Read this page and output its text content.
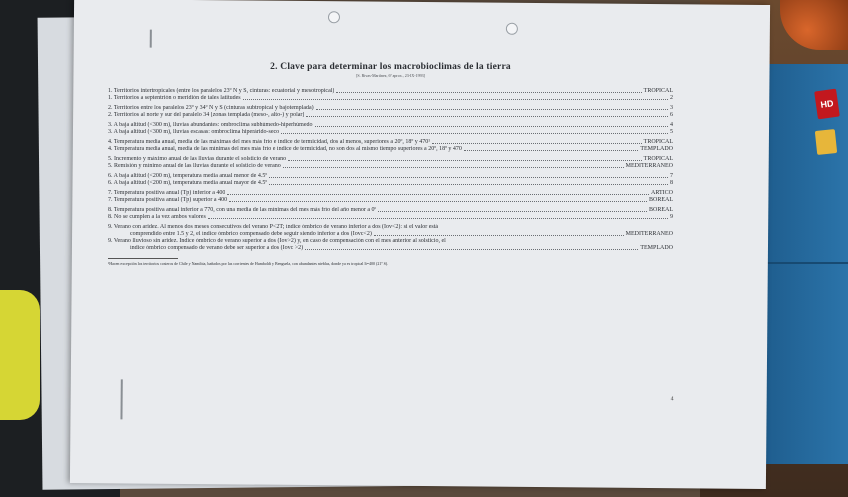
HD
4
2. Clave para determinar los macrobioclimas de la tierra
[S. Rivas-Martínez, 6ª aprox., 23-IX-1993]
1. Territorios intertropicales (entre los paralelos 23º N y S, cinturas: ecuatorial y mesotropical)	TROPICAL
1. Territorios a septentrión o meridión de tales latitudes	2
2. Territorios entre los paralelos 23º y 34º N y S (cinturas subtropical y bajotemplada)	3
2. Territorios al norte y sur del paralelo 34 [zonas templada (meso-, alto-) y polar]	6
3. A baja altitud (<300 m), lluvias abundantes: ombroclima subhúmedo-hiperhúmedo	4
3. A baja altitud (<300 m), lluvias escasas: ombroclima hiperárido-seco	5
4. Temperatura media anual, media de las máximas del mes más frío e índice de termicidad, dos al menos, superiores a 20º, 18º y 470¹	TROPICAL
4. Temperatura media anual, media de las mínimas del mes más frío e índice de termicidad, no son dos al mismo tiempo superiores a 20º, 18º y 470	TEMPLADO
5. Incremento y máximo anual de las lluvias durante el solsticio de verano	TROPICAL
5. Remisión y mínimo anual de las lluvias durante el solsticio de verano	MEDITERRÁNEO
6. A baja altitud (<200 m), temperatura media anual menor de 4.5º	7
6. A baja altitud (<200 m), temperatura media anual mayor de 4.5º	8
7. Temperatura positiva anual (Tp) inferior a 400	ÁRTICO
7. Temperatura positiva anual (Tp) superior a 400	BOREAL
8. Temperatura positiva anual inferior a 770, con una media de las mínimas del mes más frío del año menor a 0º	BOREAL
8. No se cumplen a la vez ambos valores	9
9. Verano con aridez. Al menos dos meses consecutivos del verano P<2T; índice ómbrico de verano inferior a dos (Iov<2): si el valor está
comprendido entre 1.5 y 2, el índice ómbrico compensado debe seguir siendo inferior a dos (Iovc<2)	MEDITERRÁNEO
9. Verano lluvioso sin aridez. Índice ómbrico de verano superior a dos (Iov>2) y, en caso de compensación con el mes anterior al solsticio, el
índice ómbrico compensado de verano debe ser superior a dos (Iovc >2)	TEMPLADO
¹Hacen excepción los territorios costeros de Chile y Namibia, bañados por las corrientes de Humboldt y Benguela, con abundantes nieblas, donde ya es tropical It=400 (21º S).
